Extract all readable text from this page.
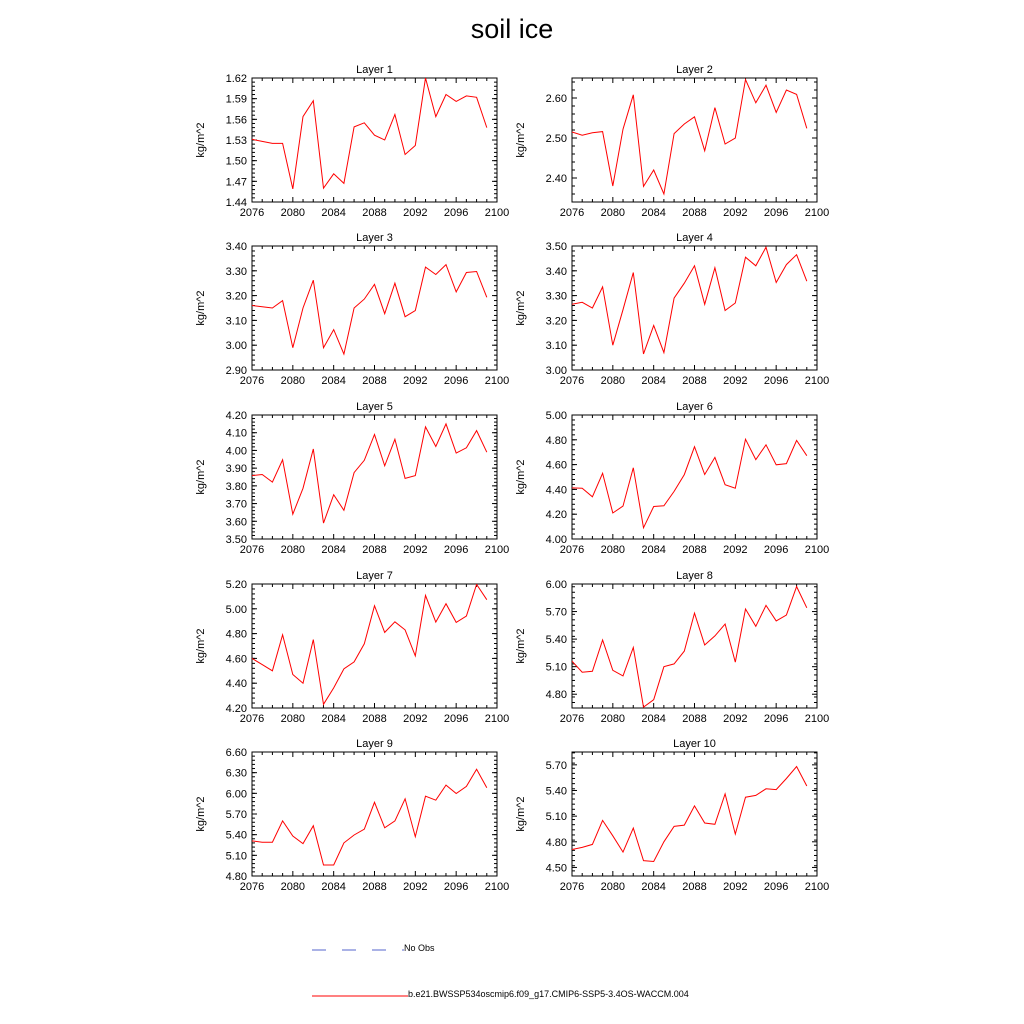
soil ice
Layer 1
kg/m^2
2076 2080 2084 2088 2092 2096 2100
1.44
1.47
1.50
1.53
1.56
1.59
1.62
Layer 2
kg/m^2
2076 2080 2084 2088 2092 2096 2100
2.40
2.50
2.60
Layer 3
kg/m^2
2076 2080 2084 2088 2092 2096 2100
2.90
3.00
3.10
3.20
3.30
3.40
Layer 4
kg/m^2
2076 2080 2084 2088 2092 2096 2100
3.00
3.10
3.20
3.30
3.40
3.50
Layer 5
kg/m^2
2076 2080 2084 2088 2092 2096 2100
3.50
3.60
3.70
3.80
3.90
4.00
4.10
4.20
Layer 6
kg/m^2
2076 2080 2084 2088 2092 2096 2100
4.00
4.20
4.40
4.60
4.80
5.00
Layer 7
kg/m^2
2076 2080 2084 2088 2092 2096 2100
4.20
4.40
4.60
4.80
5.00
5.20
Layer 8
kg/m^2
2076 2080 2084 2088 2092 2096 2100
4.80
5.10
5.40
5.70
6.00
Layer 9
kg/m^2
2076 2080 2084 2088 2092 2096 2100
4.80
5.10
5.40
5.70
6.00
6.30
6.60
Layer 10
kg/m^2
2076 2080 2084 2088 2092 2096 2100
4.50
4.80
5.10
5.40
5.70
No Obs
b.e21.BWSSP534oscmip6.f09_g17.CMIP6-SSP5-3.4OS-WACCM.004
